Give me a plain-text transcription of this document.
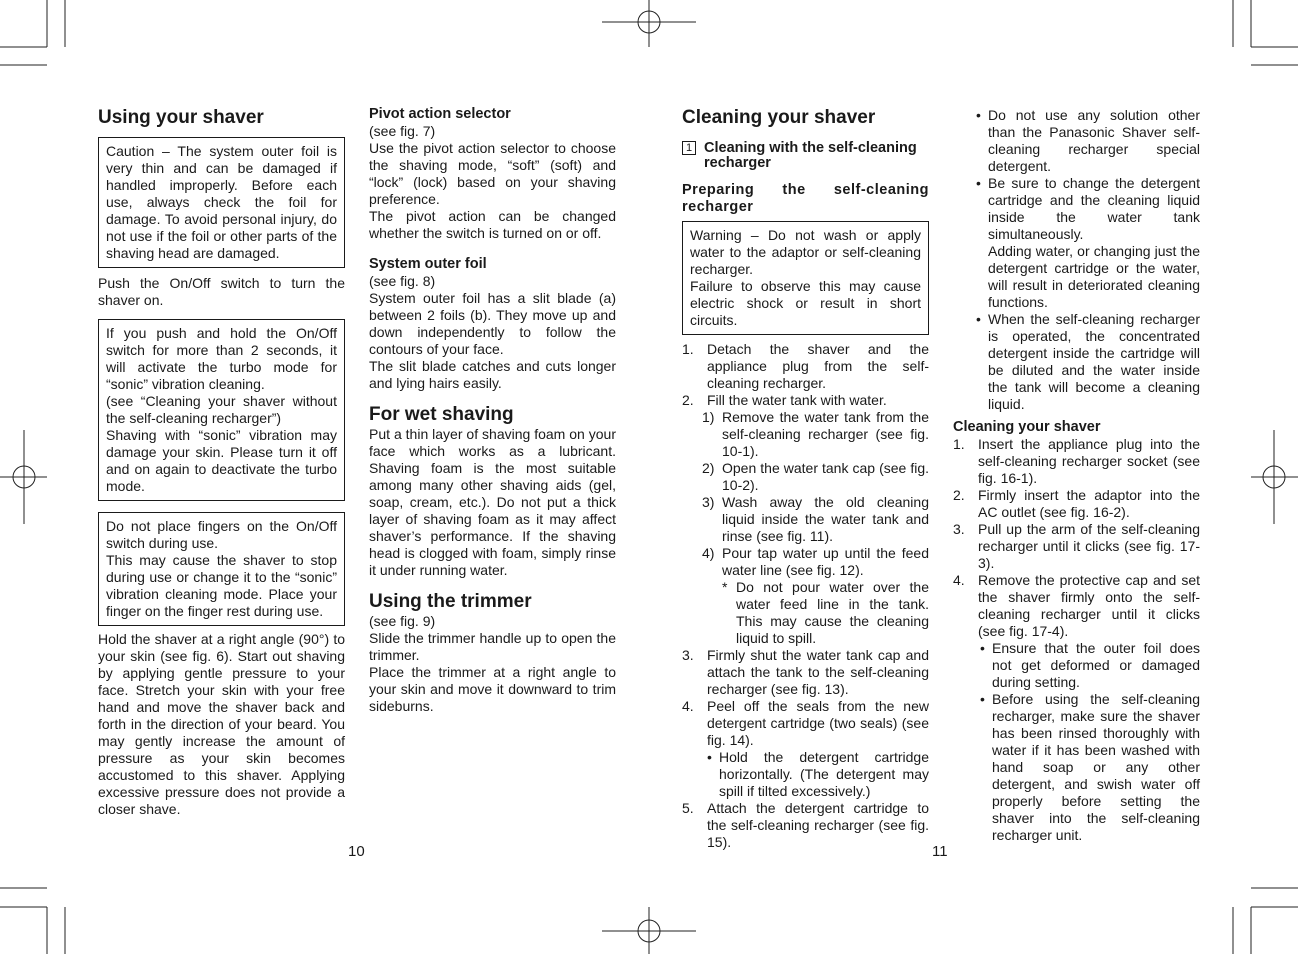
Using your shaver

Caution – The system outer foil is very thin and can be damaged if handled improperly. Before each use, always check the foil for damage. To avoid personal injury, do not use if the foil or other parts of the shaving head are damaged.

Push the On/Off switch to turn the shaver on.

If you push and hold the On/Off switch for more than 2 seconds, it will activate the turbo mode for “sonic” vibration cleaning.

(see “Cleaning your shaver without the self-cleaning recharger”)

Shaving with “sonic” vibration may damage your skin. Please turn it off and on again to deactivate the turbo mode.

Do not place fingers on the On/Off switch during use.

This may cause the shaver to stop during use or change it to the “sonic” vibration cleaning mode. Place your finger on the finger rest during use.

Hold the shaver at a right angle (90°) to your skin (see fig. 6). Start out shaving by applying gentle pressure to your face. Stretch your skin with your free hand and move the shaver back and forth in the direction of your beard. You may gently increase the amount of pressure as your skin becomes accustomed to this shaver. Applying excessive pressure does not provide a closer shave.

Pivot action selector

(see fig. 7)

Use the pivot action selector to choose the shaving mode, “soft” (soft) and “lock” (lock) based on your shaving preference.

The pivot action can be changed whether the switch is turned on or off.

System outer foil

(see fig. 8)

System outer foil has a slit blade (a) between 2 foils (b). They move up and down independently to follow the contours of your face.

The slit blade catches and cuts longer and lying hairs easily.

For wet shaving

Put a thin layer of shaving foam on your face which works as a lubricant. Shaving foam is the most suitable among many other shaving aids (gel, soap, cream, etc.). Do not put a thick layer of shaving foam as it may affect shaver’s performance. If the shaving head is clogged with foam, simply rinse it under running water.

Using the trimmer

(see fig. 9)

Slide the trimmer handle up to open the trimmer.

Place the trimmer at a right angle to your skin and move it downward to trim sideburns.

10

Cleaning your shaver

1 Cleaning with the self-cleaning recharger

Preparing the self-cleaning recharger

Warning – Do not wash or apply water to the adaptor or self-cleaning recharger.

Failure to observe this may cause electric shock or result in short circuits.

1. Detach the shaver and the appliance plug from the self-cleaning recharger.
2. Fill the water tank with water.
1) Remove the water tank from the self-cleaning recharger (see fig. 10-1).
2) Open the water tank cap (see fig. 10-2).
3) Wash away the old cleaning liquid inside the water tank and rinse (see fig. 11).
4) Pour tap water up until the feed water line (see fig. 12).
* Do not pour water over the water feed line in the tank. This may cause the cleaning liquid to spill.
3. Firmly shut the water tank cap and attach the tank to the self-cleaning recharger (see fig. 13).
4. Peel off the seals from the new detergent cartridge (two seals) (see fig. 14).
• Hold the detergent cartridge horizontally. (The detergent may spill if tilted excessively.)
5. Attach the detergent cartridge to the self-cleaning recharger (see fig. 15).
• Do not use any solution other than the Panasonic Shaver self-cleaning recharger special detergent.
• Be sure to change the detergent cartridge and the cleaning liquid inside the water tank simultaneously.
Adding water, or changing just the detergent cartridge or the water, will result in deteriorated cleaning functions.
• When the self-cleaning recharger is operated, the concentrated detergent inside the cartridge will be diluted and the water inside the tank will become a cleaning liquid.

Cleaning your shaver

1. Insert the appliance plug into the self-cleaning recharger socket (see fig. 16-1).
2. Firmly insert the adaptor into the AC outlet (see fig. 16-2).
3. Pull up the arm of the self-cleaning recharger until it clicks (see fig. 17-3).
4. Remove the protective cap and set the shaver firmly onto the self-cleaning recharger until it clicks (see fig. 17-4).
• Ensure that the outer foil does not get deformed or damaged during setting.
• Before using the self-cleaning recharger, make sure the shaver has been rinsed thoroughly with water if it has been washed with hand soap or any other detergent, and swish water off properly before setting the shaver into the self-cleaning recharger unit.
11
